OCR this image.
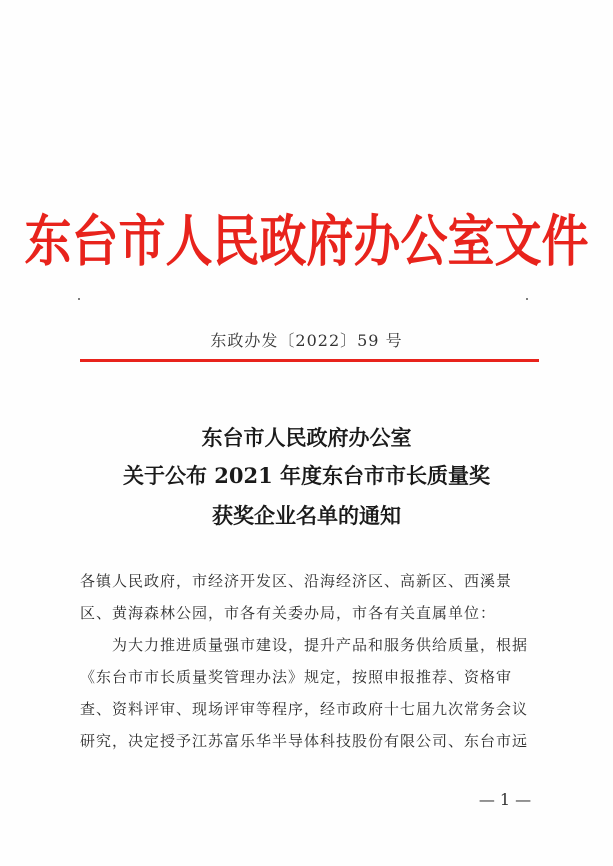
东台市人民政府办公室文件
东政办发〔2022〕59 号
东台市人民政府办公室
关于公布 2021 年度东台市市长质量奖
获奖企业名单的通知
各镇人民政府，市经济开发区、沿海经济区、高新区、西溪景
区、黄海森林公园，市各有关委办局，市各有关直属单位：
为大力推进质量强市建设，提升产品和服务供给质量，根据
《东台市市长质量奖管理办法》规定，按照申报推荐、资格审
查、资料评审、现场评审等程序，经市政府十七届九次常务会议
研究，决定授予江苏富乐华半导体科技股份有限公司、东台市远
— 1 —
